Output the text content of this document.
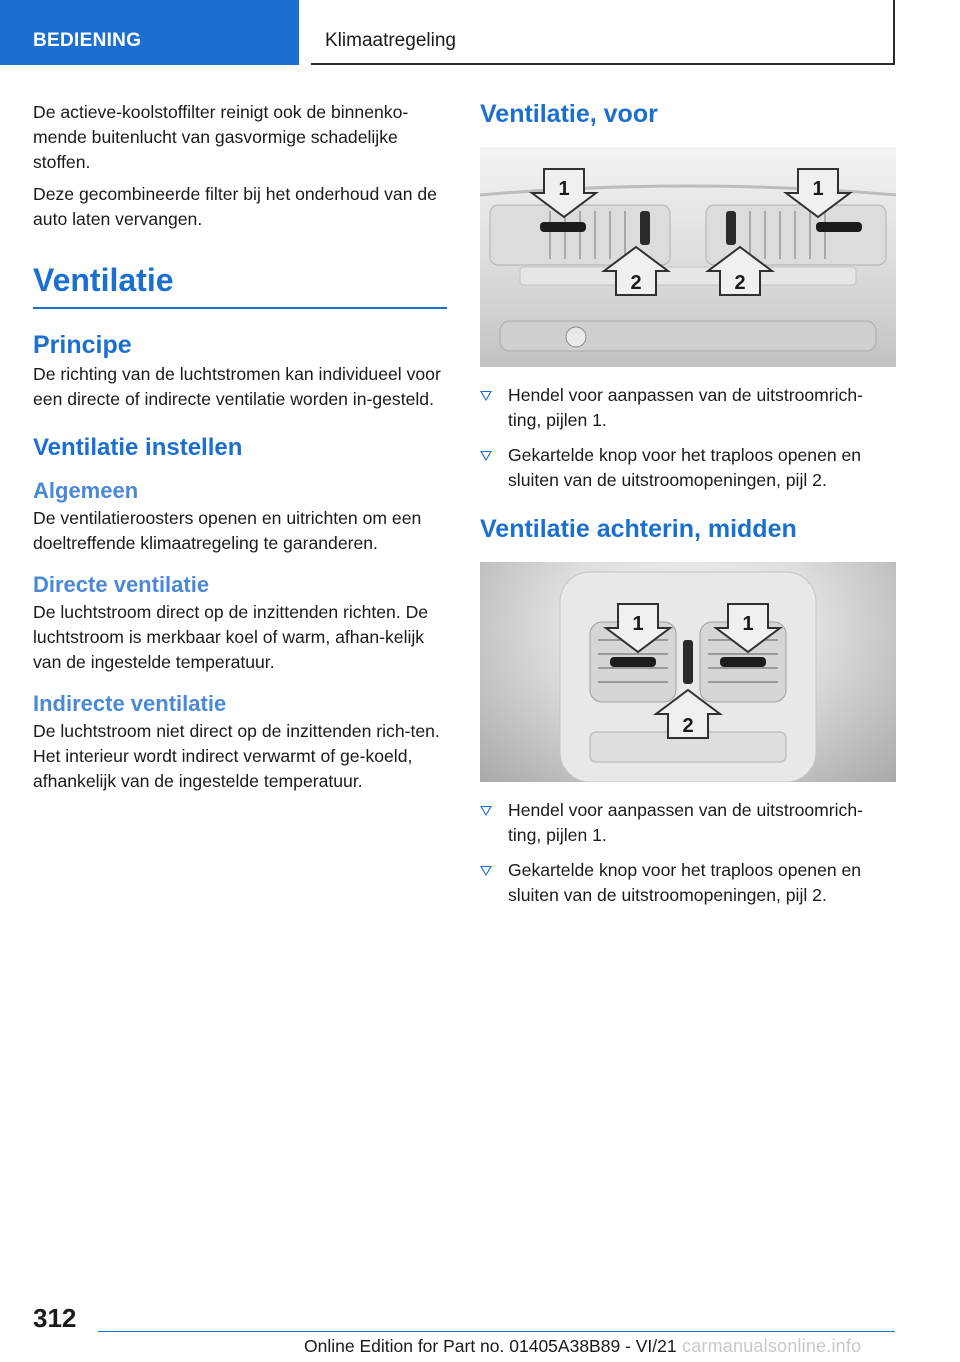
BEDIENING	Klimaatregeling

De actieve-koolstoffilter reinigt ook de binnenko-mende buitenlucht van gasvormige schadelijke stoffen.

Deze gecombineerde filter bij het onderhoud van de auto laten vervangen.

Ventilatie
Principe

De richting van de luchtstromen kan individueel voor een directe of indirecte ventilatie worden in-gesteld.

Ventilatie instellen
Algemeen

De ventilatieroosters openen en uitrichten om een doeltreffende klimaatregeling te garanderen.

Directe ventilatie

De luchtstroom direct op de inzittenden richten. De luchtstroom is merkbaar koel of warm, afhan-kelijk van de ingestelde temperatuur.

Indirecte ventilatie

De luchtstroom niet direct op de inzittenden rich-ten. Het interieur wordt indirect verwarmt of ge-koeld, afhankelijk van de ingestelde temperatuur.

Ventilatie, voor
1	1
2	2
Hendel voor aanpassen van de uitstroomrich-ting, pijlen 1.
Gekartelde knop voor het traploos openen en sluiten van de uitstroomopeningen, pijl 2.
Ventilatie achterin, midden
1	1
2
Hendel voor aanpassen van de uitstroomrich-ting, pijlen 1.
Gekartelde knop voor het traploos openen en sluiten van de uitstroomopeningen, pijl 2.
312
Online Edition for Part no. 01405A38B89 - VI/21 carmanualsonline.info
